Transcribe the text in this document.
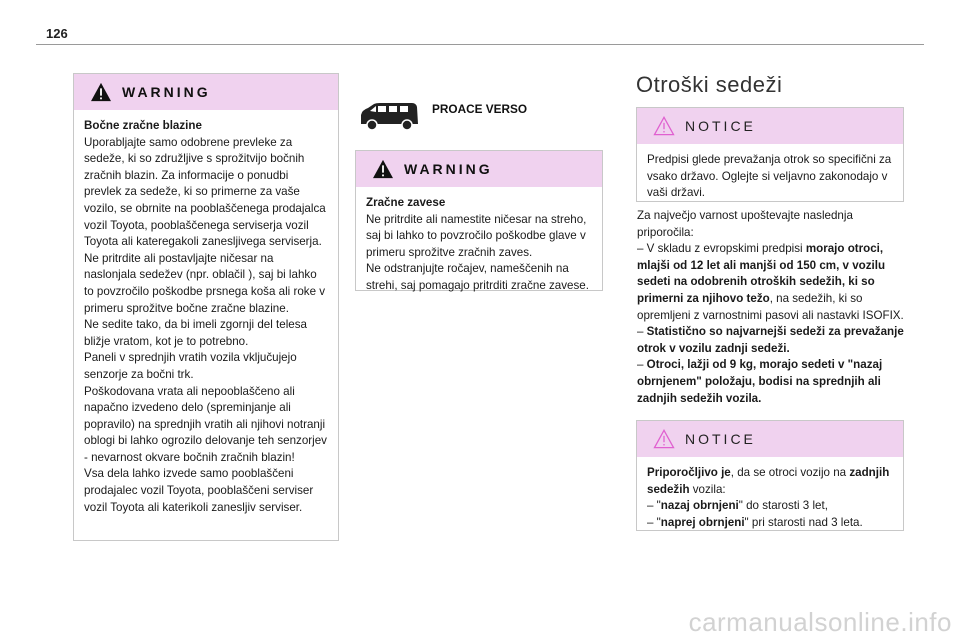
126
WARNING

Bočne zračne blazine

Uporabljajte samo odobrene prevleke za sedeže, ki so združljive s sprožitvijo bočnih zračnih blazin. Za informacije o ponudbi prevlek za sedeže, ki so primerne za vaše vozilo, se obrnite na pooblaščenega prodajalca vozil Toyota, pooblaščenega serviserja vozil Toyota ali kateregakoli zanesljivega serviserja.

Ne pritrdite ali postavljajte ničesar na naslonjala sedežev (npr. oblačil ), saj bi lahko to povzročilo poškodbe prsnega koša ali roke v primeru sprožitve bočne zračne blazine.

Ne sedite tako, da bi imeli zgornji del telesa bližje vratom, kot je to potrebno.

Paneli v sprednjih vratih vozila vključujejo senzorje za bočni trk.

Poškodovana vrata ali nepooblaščeno ali napačno izvedeno delo (spreminjanje ali popravilo) na sprednjih vratih ali njihovi notranji oblogi bi lahko ogrozilo delovanje teh senzorjev - nevarnost okvare bočnih zračnih blazin!

Vsa dela lahko izvede samo pooblaščeni prodajalec vozil Toyota, pooblaščeni serviser vozil Toyota ali katerikoli zanesljiv serviser.

PROACE VERSO
WARNING

Zračne zavese

Ne pritrdite ali namestite ničesar na streho, saj bi lahko to povzročilo poškodbe glave v primeru sprožitve zračnih zaves.

Ne odstranjujte ročajev, nameščenih na strehi, saj pomagajo pritrditi zračne zavese.

Otroški sedeži
NOTICE

Predpisi glede prevažanja otrok so specifični za vsako državo. Oglejte si veljavno zakonodajo v vaši državi.

Za največjo varnost upoštevajte naslednja priporočila:

– V skladu z evropskimi predpisi morajo otroci, mlajši od 12 let ali manjši od 150 cm, v vozilu sedeti na odobrenih otroških sedežih, ki so primerni za njihovo težo, na sedežih, ki so opremljeni z varnostnimi pasovi ali nastavki ISOFIX.

– Statistično so najvarnejši sedeži za prevažanje otrok v vozilu zadnji sedeži.

– Otroci, lažji od 9 kg, morajo sedeti v "nazaj obrnjenem" položaju, bodisi na sprednjih ali zadnjih sedežih vozila.

NOTICE

Priporočljivo je, da se otroci vozijo na zadnjih sedežih vozila:

– "nazaj obrnjeni" do starosti 3 let,

– "naprej obrnjeni" pri starosti nad 3 leta.

carmanualsonline.info
